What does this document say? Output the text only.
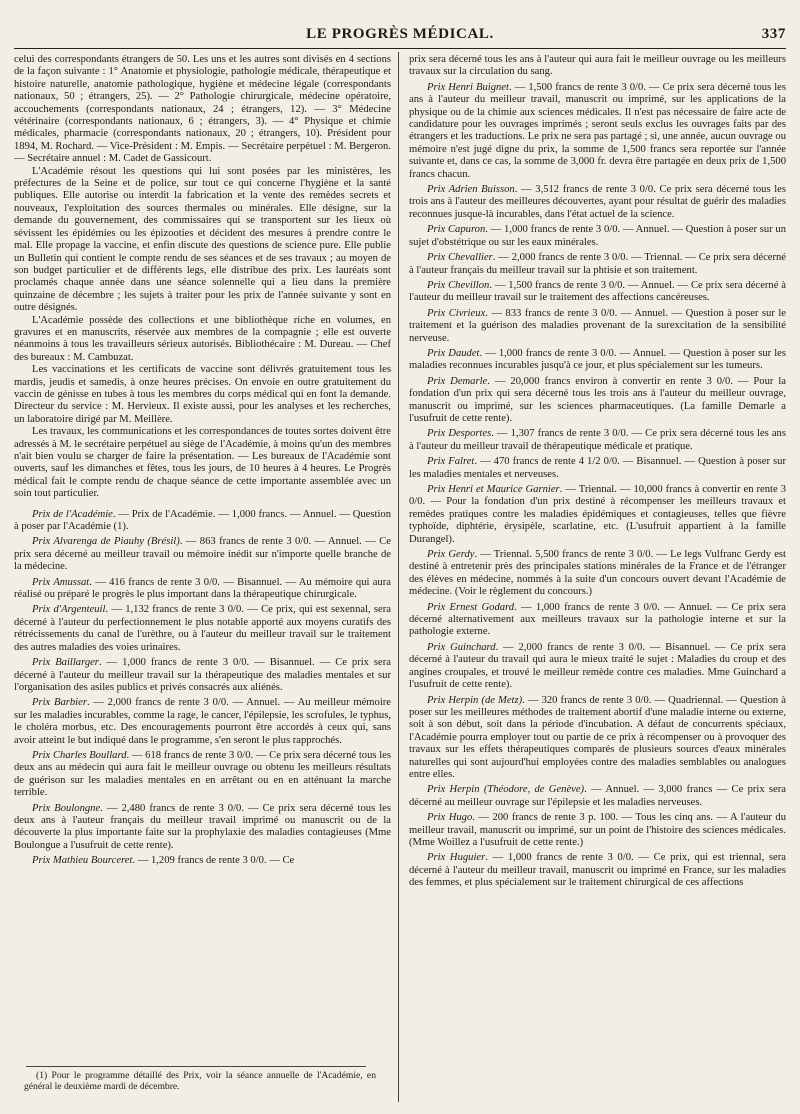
LE PROGRÈS MÉDICAL.	337

celui des correspondants étrangers de 50. Les uns et les autres sont divisés en 4 sections de la façon suivante : 1° Anatomie et physiologie, pathologie médicale, thérapeutique et histoire naturelle, anatomie pathologique, hygiène et médecine légale (correspondants nationaux, 50 ; étrangers, 25). — 2° Pathologie chirurgicale, médecine opératoire, accouchements (correspondants nationaux, 24 ; étrangers, 12). — 3° Médecine vétérinaire (correspondants nationaux, 6 ; étrangers, 3). — 4° Physique et chimie médicales, pharmacie (correspondants nationaux, 20 ; étrangers, 10). Président pour 1894, M. Rochard. — Vice-Président : M. Empis. — Secrétaire perpétuel : M. Bergeron. — Secrétaire annuel : M. Cadet de Gassicourt.

L'Académie résout les questions qui lui sont posées par les ministères, les préfectures de la Seine et de police, sur tout ce qui concerne l'hygiène et la santé publiques. Elle autorise ou interdit la fabrication et la vente des remèdes secrets et nouveaux, l'exploitation des sources thermales ou minérales. Elle désigne, sur la demande du gouvernement, des commissaires qui se transportent sur les lieux où sévissent les épidémies ou les épizooties et décident des mesures à prendre contre le mal. Elle propage la vaccine, et enfin discute des questions de science pure. Elle publie un Bulletin qui contient le compte rendu de ses séances et de ses travaux ; au moyen de son budget particulier et de différents legs, elle distribue des prix. Les lauréats sont proclamés chaque année dans une séance solennelle qui a lieu dans la première quinzaine de décembre ; les sujets à traiter pour les prix de l'année suivante y sont en outre désignés.

L'Académie possède des collections et une bibliothèque riche en volumes, en gravures et en manuscrits, réservée aux membres de la compagnie ; elle est ouverte néanmoins à tous les travailleurs sérieux autorisés. Bibliothécaire : M. Dureau. — Chef des bureaux : M. Cambuzat.

Les vaccinations et les certificats de vaccine sont délivrés gratuitement tous les mardis, jeudis et samedis, à onze heures précises. On envoie en outre gratuitement du vaccin de génisse en tubes à tous les membres du corps médical qui en font la demande. Directeur du service : M. Hervieux. Il existe aussi, pour les analyses et les recherches, un laboratoire dirigé par M. Meillère.

Les travaux, les communications et les correspondances de toutes sortes doivent être adressés à M. le secrétaire perpétuel au siège de l'Académie, à moins qu'un des membres n'ait bien voulu se charger de faire la présentation. — Les bureaux de l'Académie sont ouverts, sauf les dimanches et fêtes, tous les jours, de 10 heures à 4 heures. Le Progrès médical fait le compte rendu de chaque séance de cette importante assemblée avec un soin tout particulier.

Prix de l'Académie. — Prix de l'Académie. — 1,000 francs. — Annuel. — Question à poser par l'Académie (1).

Prix Alvarenga de Piauhy (Brésil). — 863 francs de rente 3 0/0. — Annuel. — Ce prix sera décerné au meilleur travail ou mémoire inédit sur n'importe quelle branche de la médecine.

Prix Amussat. — 416 francs de rente 3 0/0. — Bisannuel. — Au mémoire qui aura réalisé ou préparé le progrès le plus important dans la thérapeutique chirurgicale.

Prix d'Argenteuil. — 1,132 francs de rente 3 0/0. — Ce prix, qui est sexennal, sera décerné à l'auteur du perfectionnement le plus notable apporté aux moyens curatifs des rétrécissements du canal de l'urèthre, ou à l'auteur du meilleur travail sur le traitement des autres maladies des voies urinaires.

Prix Baillarger. — 1,000 francs de rente 3 0/0. — Bisannuel. — Ce prix sera décerné à l'auteur du meilleur travail sur la thérapeutique des maladies mentales et sur l'organisation des asiles publics et privés consacrés aux aliénés.

Prix Barbier. — 2,000 francs de rente 3 0/0. — Annuel. — Au meilleur mémoire sur les maladies incurables, comme la rage, le cancer, l'épilepsie, les scrofules, le typhus, le choléra morbus, etc. Des encouragements pourront être accordés à ceux qui, sans avoir atteint le but indiqué dans le programme, s'en seront le plus rapprochés.

Prix Charles Boullard. — 618 francs de rente 3 0/0. — Ce prix sera décerné tous les deux ans au médecin qui aura fait le meilleur ouvrage ou obtenu les meilleurs résultats de guérison sur les maladies mentales en en arrêtant ou en en atténuant la marche terrible.

Prix Boulongne. — 2,480 francs de rente 3 0/0. — Ce prix sera décerné tous les deux ans à l'auteur français du meilleur travail imprimé ou manuscrit ou de la découverte la plus importante faite sur la prophylaxie des maladies contagieuses (Mme Boulongue a l'usufruit de cette rente).

Prix Mathieu Bourceret. — 1,209 francs de rente 3 0/0. — Ce

prix sera décerné tous les ans à l'auteur qui aura fait le meilleur ouvrage ou les meilleurs travaux sur la circulation du sang.

Prix Henri Buignet. — 1,500 francs de rente 3 0/0. — Ce prix sera décerné tous les ans à l'auteur du meilleur travail, manuscrit ou imprimé, sur les applications de la physique ou de la chimie aux sciences médicales. Il n'est pas nécessaire de faire acte de candidature pour les ouvrages imprimés ; seront seuls exclus les ouvrages faits par des étrangers et les traductions. Le prix ne sera pas partagé ; si, une année, aucun ouvrage ou mémoire n'est jugé digne du prix, la somme de 1,500 francs sera reportée sur l'année suivante et, dans ce cas, la somme de 3,000 fr. devra être partagée en deux prix de 1,500 francs chacun.

Prix Adrien Buisson. — 3,512 francs de rente 3 0/0. Ce prix sera décerné tous les trois ans à l'auteur des meilleures découvertes, ayant pour résultat de guérir des maladies reconnues jusque-là incurables, dans l'état actuel de la science.

Prix Capuron. — 1,000 francs de rente 3 0/0. — Annuel. — Question à poser sur un sujet d'obstétrique ou sur les eaux minérales.

Prix Chevallier. — 2,000 francs de rente 3 0/0. — Triennal. — Ce prix sera décerné à l'auteur français du meilleur travail sur la phtisie et son traitement.

Prix Chevillon. — 1,500 francs de rente 3 0/0. — Annuel. — Ce prix sera décerné à l'auteur du meilleur travail sur le traitement des affections cancéreuses.

Prix Civrieux. — 833 francs de rente 3 0/0. — Annuel. — Question à poser sur le traitement et la guérison des maladies provenant de la surexcitation de la sensibilité nerveuse.

Prix Daudet. — 1,000 francs de rente 3 0/0. — Annuel. — Question à poser sur les maladies reconnues incurables jusqu'à ce jour, et plus spécialement sur les tumeurs.

Prix Demarle. — 20,000 francs environ à convertir en rente 3 0/0. — Pour la fondation d'un prix qui sera décerné tous les trois ans à l'auteur du meilleur ouvrage, manuscrit ou imprimé, sur les sciences pharmaceutiques. (La famille Demarle a l'usufruit de cette rente).

Prix Desportes. — 1,307 francs de rente 3 0/0. — Ce prix sera décerné tous les ans à l'auteur du meilleur travail de thérapeutique médicale et pratique.

Prix Falret. — 470 francs de rente 4 1/2 0/0. — Bisannuel. — Question à poser sur les maladies mentales et nerveuses.

Prix Henri et Maurice Garnier. — Triennal. — 10,000 francs à convertir en rente 3 0/0. — Pour la fondation d'un prix destiné à récompenser les meilleurs travaux et remèdes pratiques contre les maladies épidémiques et contagieuses, telles que fièvre typhoïde, diphtérie, érysipèle, scarlatine, etc. (L'usufruit appartient à la famille Durangel).

Prix Gerdy. — Triennal. 5,500 francs de rente 3 0/0. — Le legs Vulfranc Gerdy est destiné à entretenir près des principales stations minérales de la France et de l'étranger des élèves en médecine, nommés à la suite d'un concours ouvert devant l'Académie de médecine. (Voir le règlement du concours.)

Prix Ernest Godard. — 1,000 francs de rente 3 0/0. — Annuel. — Ce prix sera décerné alternativement aux meilleurs travaux sur la pathologie interne et sur la pathologie externe.

Prix Guinchard. — 2,000 francs de rente 3 0/0. — Bisannuel. — Ce prix sera décerné à l'auteur du travail qui aura le mieux traité le sujet : Maladies du croup et des angines croupales, et trouvé le meilleur remède contre ces maladies. Mme Guinchard a l'usufruit de cette rente).

Prix Herpin (de Metz). — 320 francs de rente 3 0/0. — Quadriennal. — Question à poser sur les meilleures méthodes de traitement abortif d'une maladie interne ou externe, soit à son début, soit dans la période d'incubation. A défaut de concurrents spéciaux, l'Académie pourra employer tout ou partie de ce prix à récompenser ou à provoquer des travaux sur les effets thérapeutiques comparés de plusieurs sources d'eaux minérales naturelles qui sont aujourd'hui employées contre des maladies semblables ou analogues entre elles.

Prix Herpin (Théodore, de Genève). — Annuel. — 3,000 francs — Ce prix sera décerné au meilleur ouvrage sur l'épilepsie et les maladies nerveuses.

Prix Hugo. — 200 francs de rente 3 p. 100. — Tous les cinq ans. — A l'auteur du meilleur travail, manuscrit ou imprimé, sur un point de l'histoire des sciences médicales. (Mme Woillez a l'usufruit de cette rente.)

Prix Huguier. — 1,000 francs de rente 3 0/0. — Ce prix, qui est triennal, sera décerné à l'auteur du meilleur travail, manuscrit ou imprimé en France, sur les maladies des femmes, et plus spécialement sur le traitement chirurgical de ces affections

(1) Pour le programme détaillé des Prix, voir la séance annuelle de l'Académie, en général le deuxième mardi de décembre.
